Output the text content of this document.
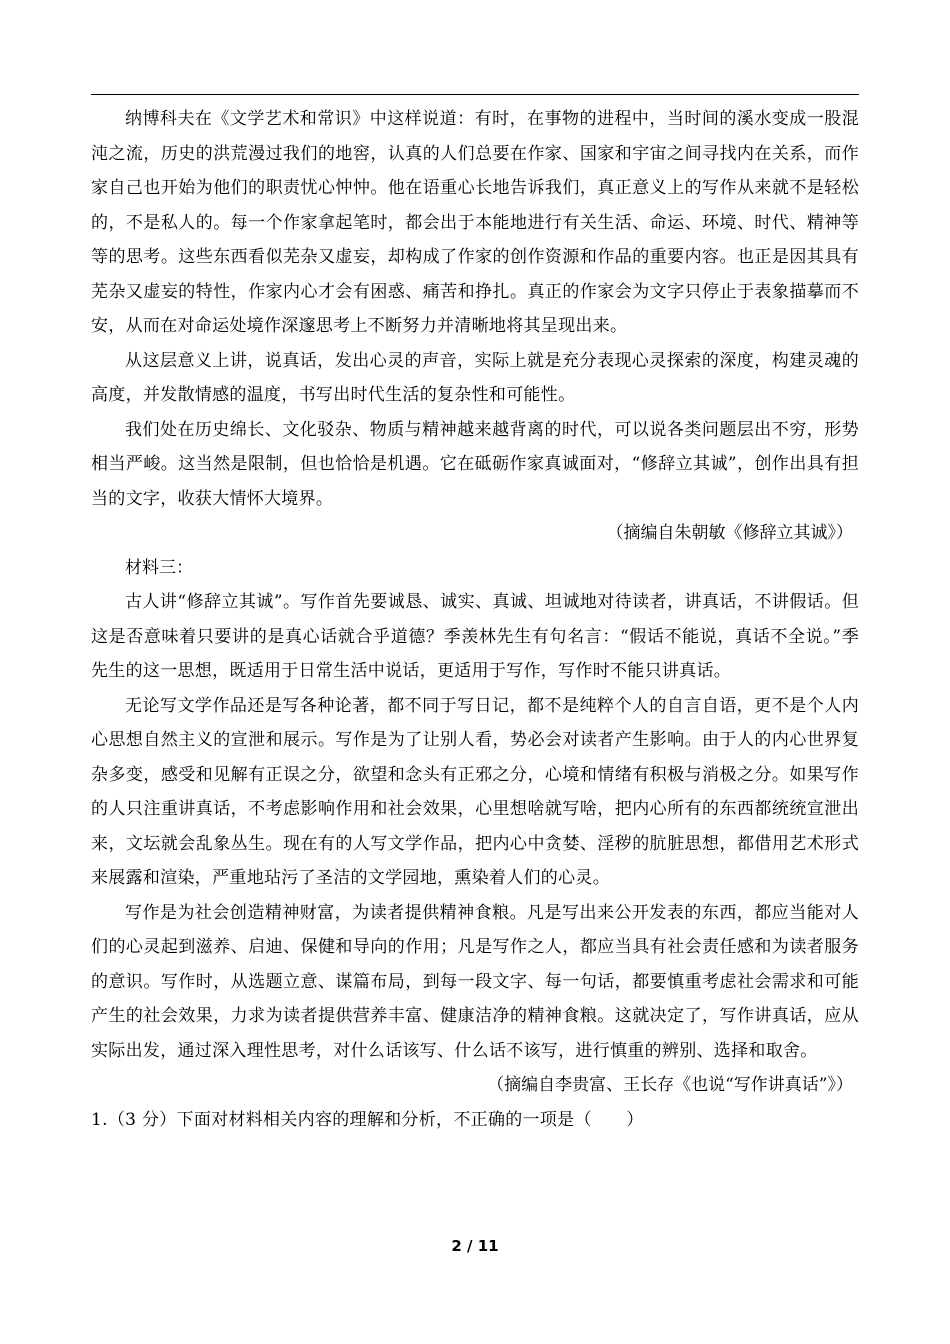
纳博科夫在《文学艺术和常识》中这样说道：有时，在事物的进程中，当时间的溪水变成一股混沌之流，历史的洪荒漫过我们的地窖，认真的人们总要在作家、国家和宇宙之间寻找内在关系，而作家自己也开始为他们的职责忧心忡忡。他在语重心长地告诉我们，真正意义上的写作从来就不是轻松的，不是私人的。每一个作家拿起笔时，都会出于本能地进行有关生活、命运、环境、时代、精神等等的思考。这些东西看似芜杂又虚妄，却构成了作家的创作资源和作品的重要内容。也正是因其具有芜杂又虚妄的特性，作家内心才会有困惑、痛苦和挣扎。真正的作家会为文字只停止于表象描摹而不安，从而在对命运处境作深邃思考上不断努力并清晰地将其呈现出来。

从这层意义上讲，说真话，发出心灵的声音，实际上就是充分表现心灵探索的深度，构建灵魂的高度，并发散情感的温度，书写出时代生活的复杂性和可能性。

我们处在历史绵长、文化驳杂、物质与精神越来越背离的时代，可以说各类问题层出不穷，形势相当严峻。这当然是限制，但也恰恰是机遇。它在砥砺作家真诚面对，“修辞立其诚”，创作出具有担当的文字，收获大情怀大境界。

（摘编自朱朝敏《修辞立其诚》）

材料三：

古人讲“修辞立其诚”。写作首先要诚恳、诚实、真诚、坦诚地对待读者，讲真话，不讲假话。但这是否意味着只要讲的是真心话就合乎道德？季羡林先生有句名言：“假话不能说，真话不全说。”季先生的这一思想，既适用于日常生活中说话，更适用于写作，写作时不能只讲真话。

无论写文学作品还是写各种论著，都不同于写日记，都不是纯粹个人的自言自语，更不是个人内心思想自然主义的宣泄和展示。写作是为了让别人看，势必会对读者产生影响。由于人的内心世界复杂多变，感受和见解有正误之分，欲望和念头有正邪之分，心境和情绪有积极与消极之分。如果写作的人只注重讲真话，不考虑影响作用和社会效果，心里想啥就写啥，把内心所有的东西都统统宣泄出来，文坛就会乱象丛生。现在有的人写文学作品，把内心中贪婪、淫秽的肮脏思想，都借用艺术形式来展露和渲染，严重地玷污了圣洁的文学园地，熏染着人们的心灵。

写作是为社会创造精神财富，为读者提供精神食粮。凡是写出来公开发表的东西，都应当能对人们的心灵起到滋养、启迪、保健和导向的作用；凡是写作之人，都应当具有社会责任感和为读者服务的意识。写作时，从选题立意、谋篇布局，到每一段文字、每一句话，都要慎重考虑社会需求和可能产生的社会效果，力求为读者提供营养丰富、健康洁净的精神食粮。这就决定了，写作讲真话，应从实际出发，通过深入理性思考，对什么话该写、什么话不该写，进行慎重的辨别、选择和取舍。

（摘编自李贵富、王长存《也说“写作讲真话”》）

1.（3 分）下面对材料相关内容的理解和分析，不正确的一项是（　　）

2 / 11
